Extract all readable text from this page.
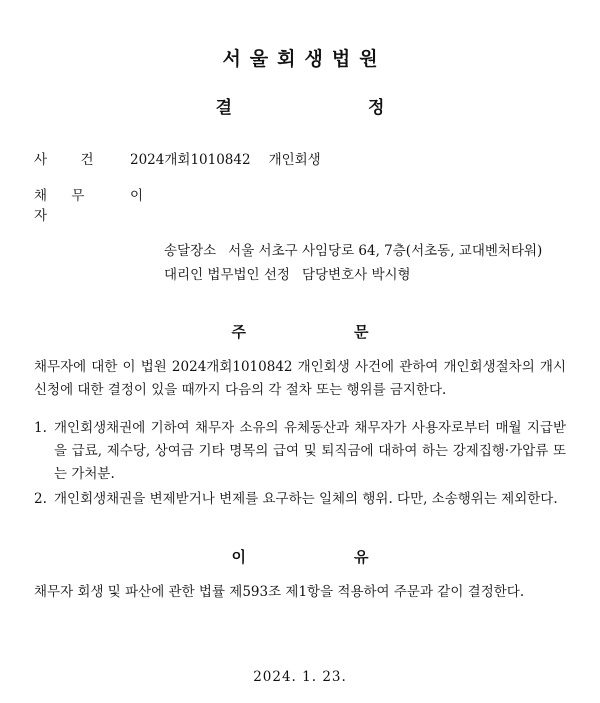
서울회생법원
결　　정
사　건	2024개회1010842 개인회생
채 무 자
이
송달장소 서울 서초구 사임당로 64, 7층(서초동, 교대벤처타워)
대리인 법무법인 선정 담당변호사 박시형
주　　문
채무자에 대한 이 법원 2024개회1010842 개인회생 사건에 관하여 개인회생절차의 개시신청에 대한 결정이 있을 때까지 다음의 각 절차 또는 행위를 금지한다.
1. 개인회생채권에 기하여 채무자 소유의 유체동산과 채무자가 사용자로부터 매월 지급받을 급료, 제수당, 상여금 기타 명목의 급여 및 퇴직금에 대하여 하는 강제집행·가압류 또는 가처분.
2. 개인회생채권을 변제받거나 변제를 요구하는 일체의 행위. 다만, 소송행위는 제외한다.
이　　유
채무자 회생 및 파산에 관한 법률 제593조 제1항을 적용하여 주문과 같이 결정한다.
2024. 1. 23.
